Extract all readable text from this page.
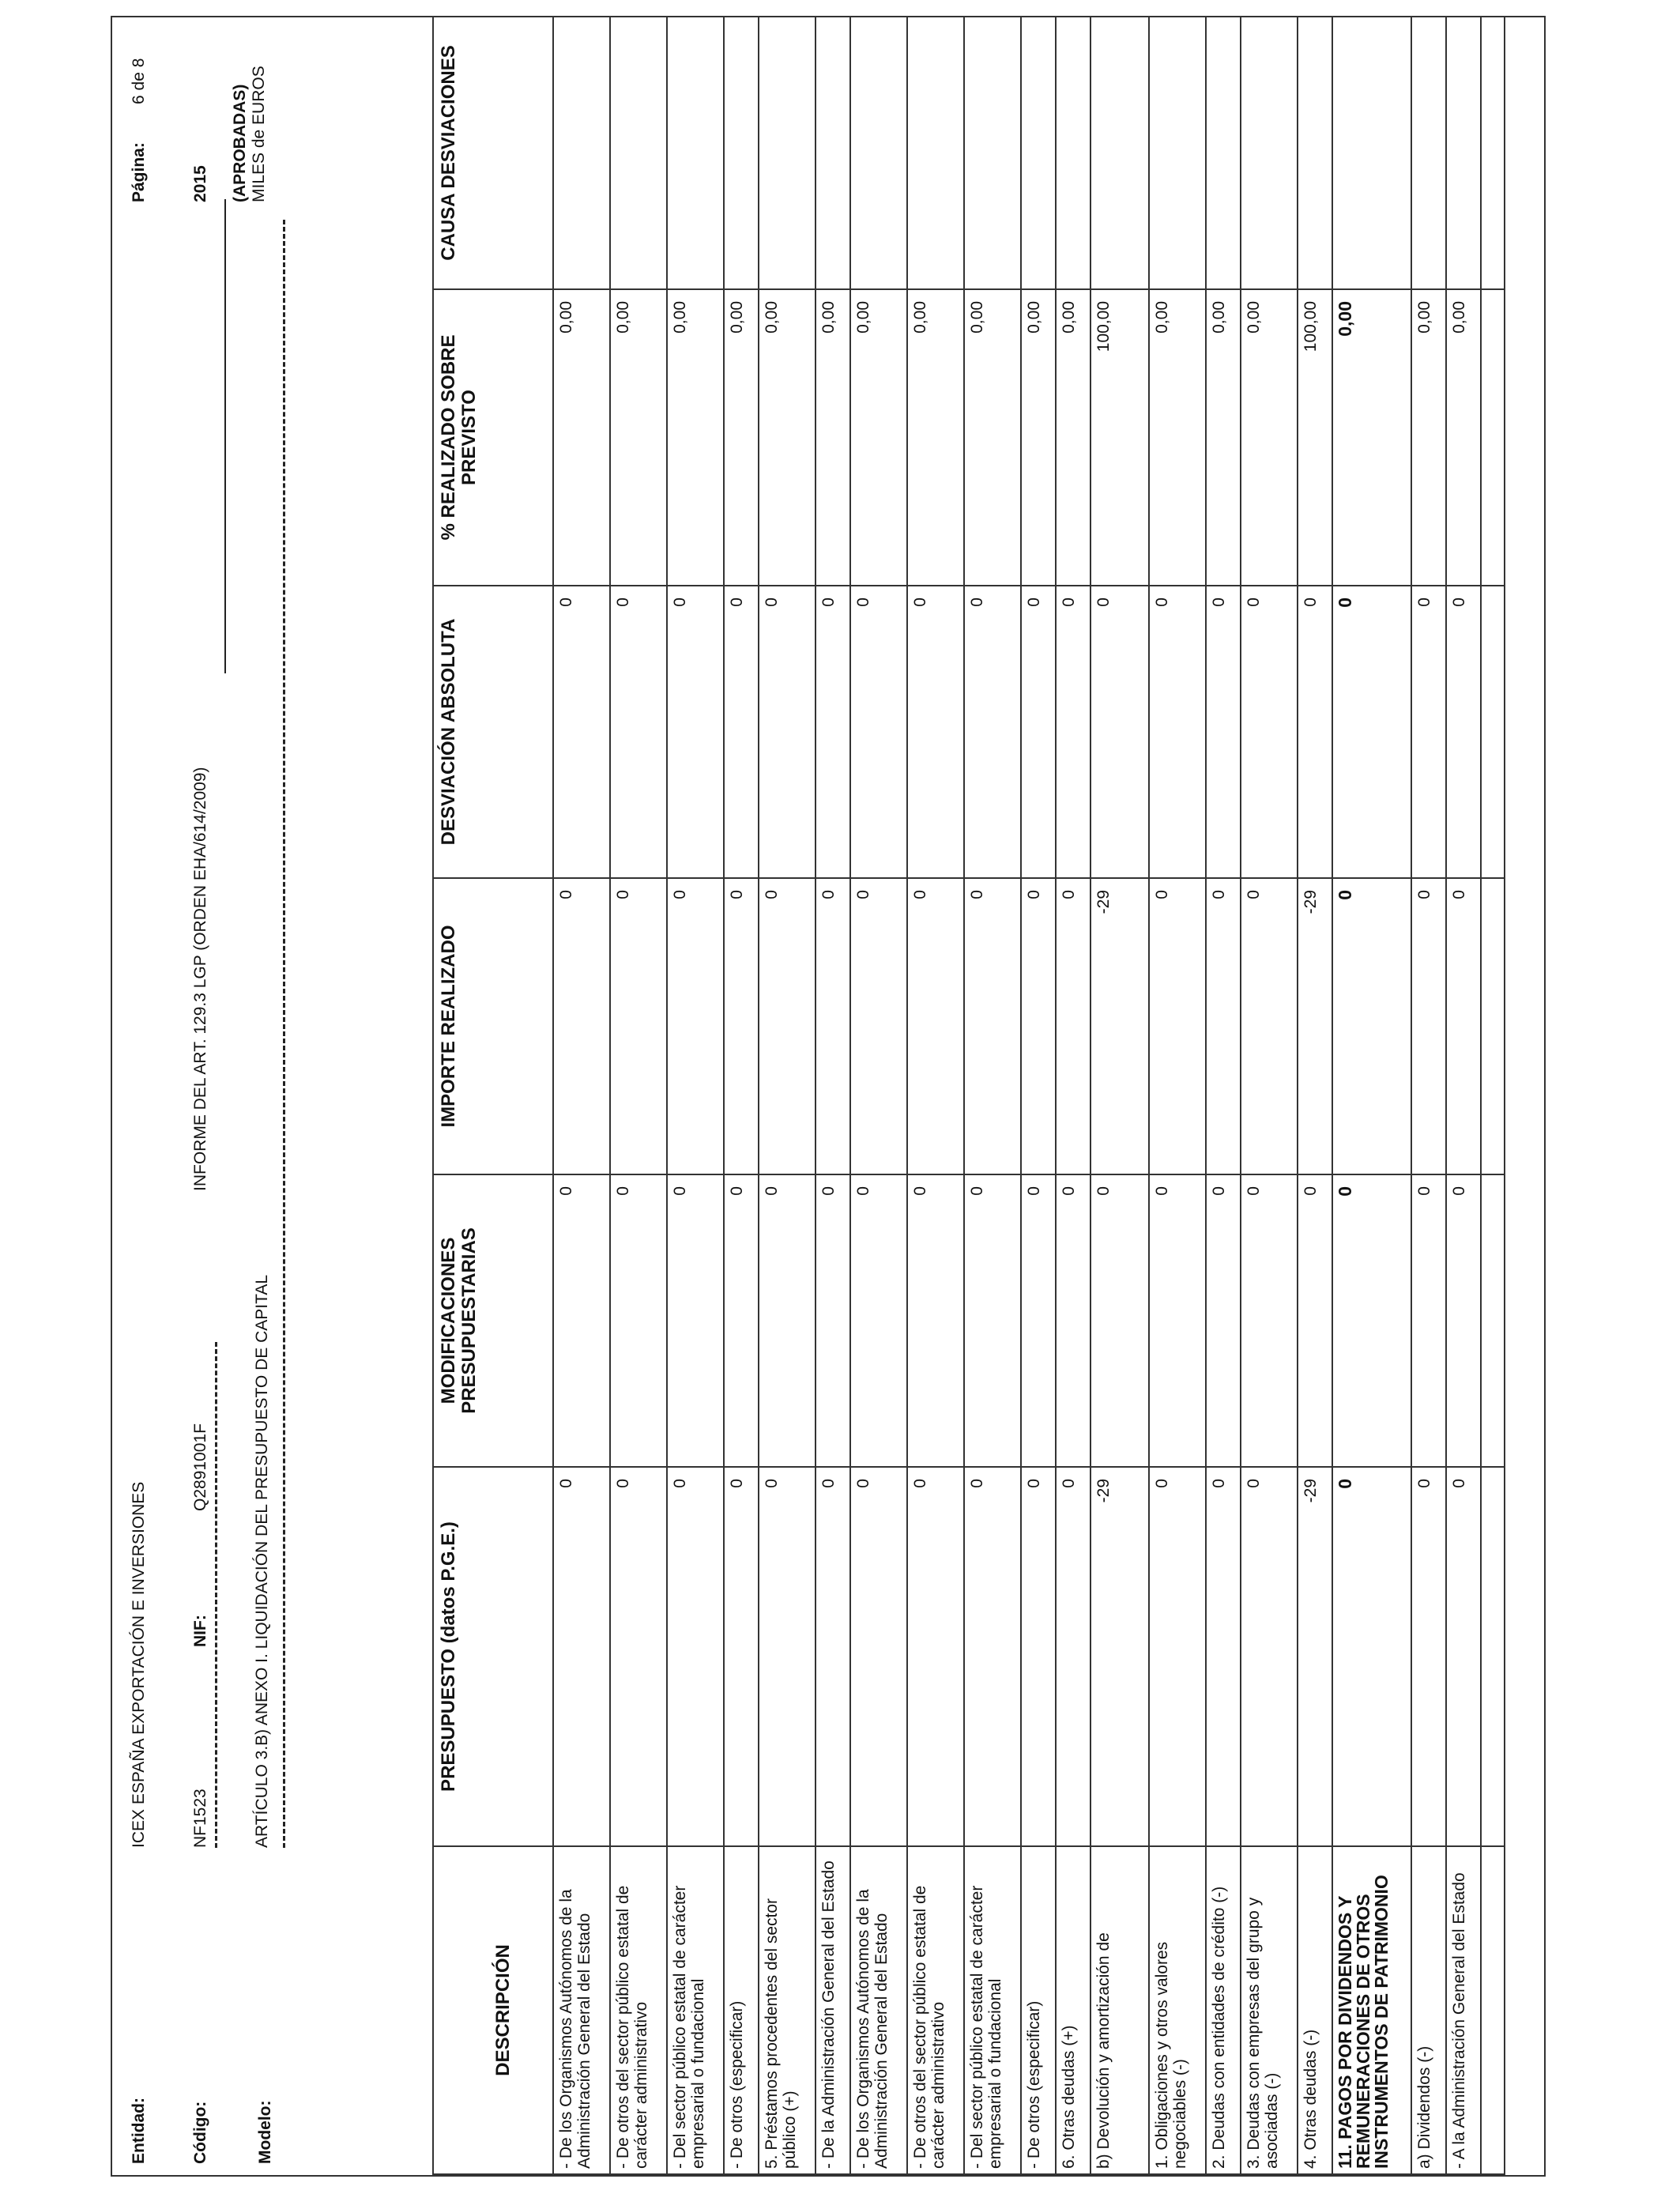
Entidad:
ICEX ESPAÑA EXPORTACIÓN E INVERSIONES
Código:
NF1523
NIF:
Q2891001F
INFORME DEL ART. 129.3 LGP (ORDEN EHA/614/2009)
Modelo:
ARTÍCULO 3.B) ANEXO I. LIQUIDACIÓN DEL PRESUPUESTO DE CAPITAL
Página:
6 de 8
2015 (APROBADAS) MILES de EUROS
DESCRIPCIÓN	PRESUPUESTO (datos P.G.E.)	MODIFICACIONES PRESUPUESTARIAS	IMPORTE REALIZADO	DESVIACIÓN ABSOLUTA	% REALIZADO SOBRE PREVISTO	CAUSA DESVIACIONES
- De los Organismos Autónomos de la Administración General del Estado	0	0	0	0	0,00	
- De otros del sector público estatal de carácter administrativo	0	0	0	0	0,00	
- Del sector público estatal de carácter empresarial o fundacional	0	0	0	0	0,00	
- De otros (especificar)	0	0	0	0	0,00	
5. Préstamos procedentes del sector público (+)	0	0	0	0	0,00	
- De la Administración General del Estado	0	0	0	0	0,00	
- De los Organismos Autónomos de la Administración General del Estado	0	0	0	0	0,00	
- De otros del sector público estatal de carácter administrativo	0	0	0	0	0,00	
- Del sector público estatal de carácter empresarial o fundacional	0	0	0	0	0,00	
- De otros (especificar)	0	0	0	0	0,00	
6. Otras deudas (+)	0	0	0	0	0,00	
b) Devolución y amortización de	-29	0	-29	0	100,00	
1. Obligaciones y otros valores negociables (-)	0	0	0	0	0,00	
2. Deudas con entidades de crédito (-)	0	0	0	0	0,00	
3. Deudas con empresas del grupo y asociadas (-)	0	0	0	0	0,00	
4. Otras deudas (-)	-29	0	-29	0	100,00	
11. PAGOS POR DIVIDENDOS Y REMUNERACIONES DE OTROS INSTRUMENTOS DE PATRIMONIO	0	0	0	0	0,00	
a) Dividendos (-)	0	0	0	0	0,00	
- A la Administración General del Estado	0	0	0	0	0,00	
